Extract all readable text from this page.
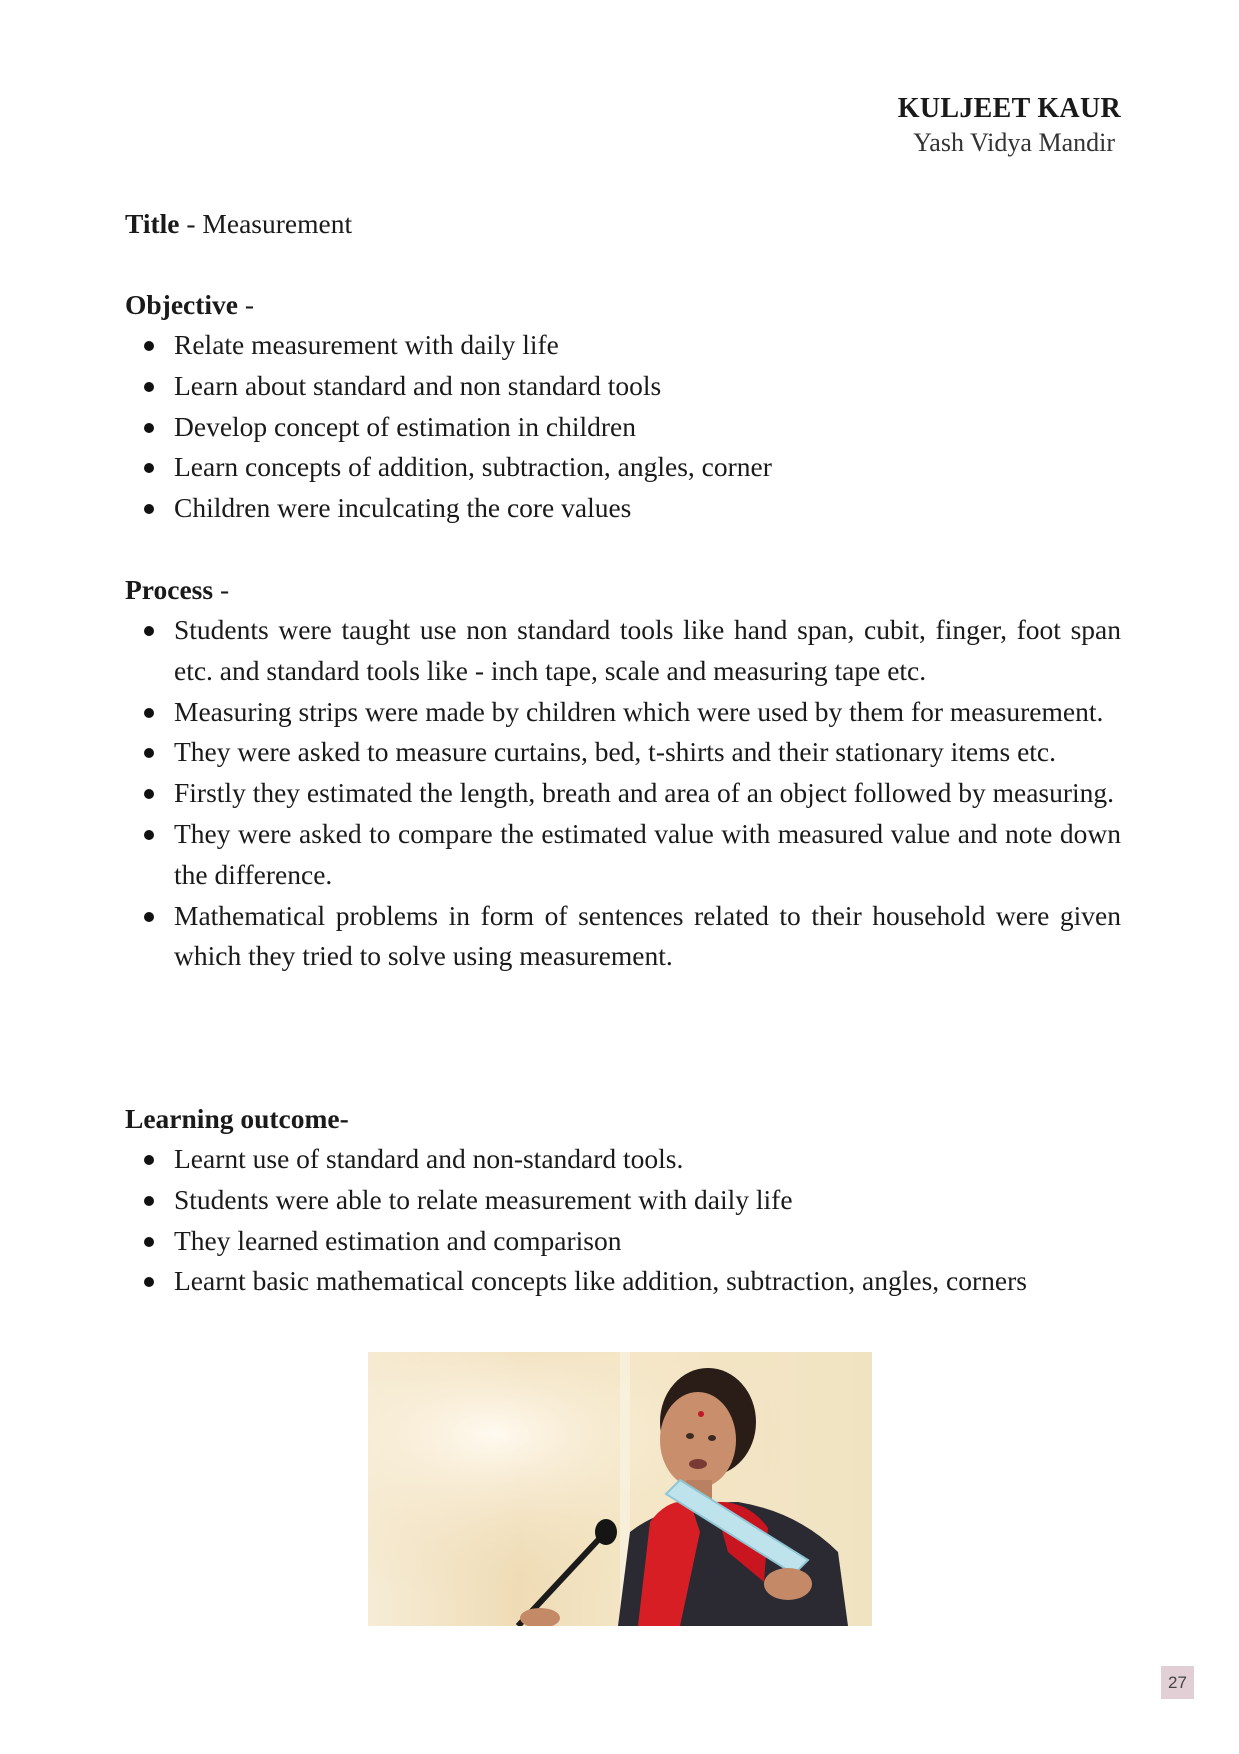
KULJEET KAUR
Yash Vidya Mandir
Title - Measurement

Objective -

Relate measurement with daily life
Learn about standard and non standard tools
Develop concept of estimation in children
Learn concepts of addition, subtraction, angles, corner
Children were inculcating the core values

Process -

Students were taught use non standard tools like hand span, cubit, finger, foot span etc. and standard tools like - inch tape, scale and measuring tape etc.
Measuring strips were made by children which were used by them for measurement.
They were asked to measure curtains, bed, t-shirts and their stationary items etc.
Firstly they estimated the length, breath and area of an object followed by measuring.
They were asked to compare the estimated value with measured value and note down the difference.
Mathematical problems in form of sentences related to their household were given which they tried to solve using measurement.

Learning outcome-

Learnt use of standard and non-standard tools.
Students were able to relate measurement with daily life
They learned estimation and comparison
Learnt basic mathematical concepts like addition, subtraction, angles, corners
27
